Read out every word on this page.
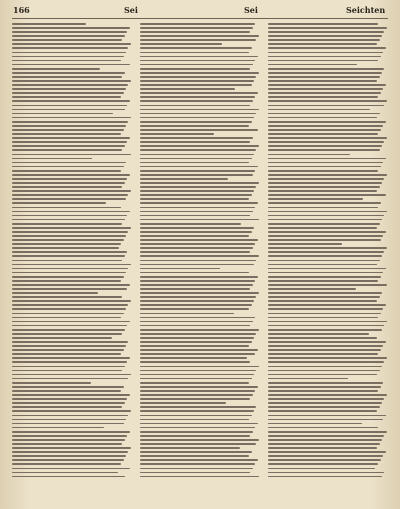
166	Sei	Sei	Seichten
